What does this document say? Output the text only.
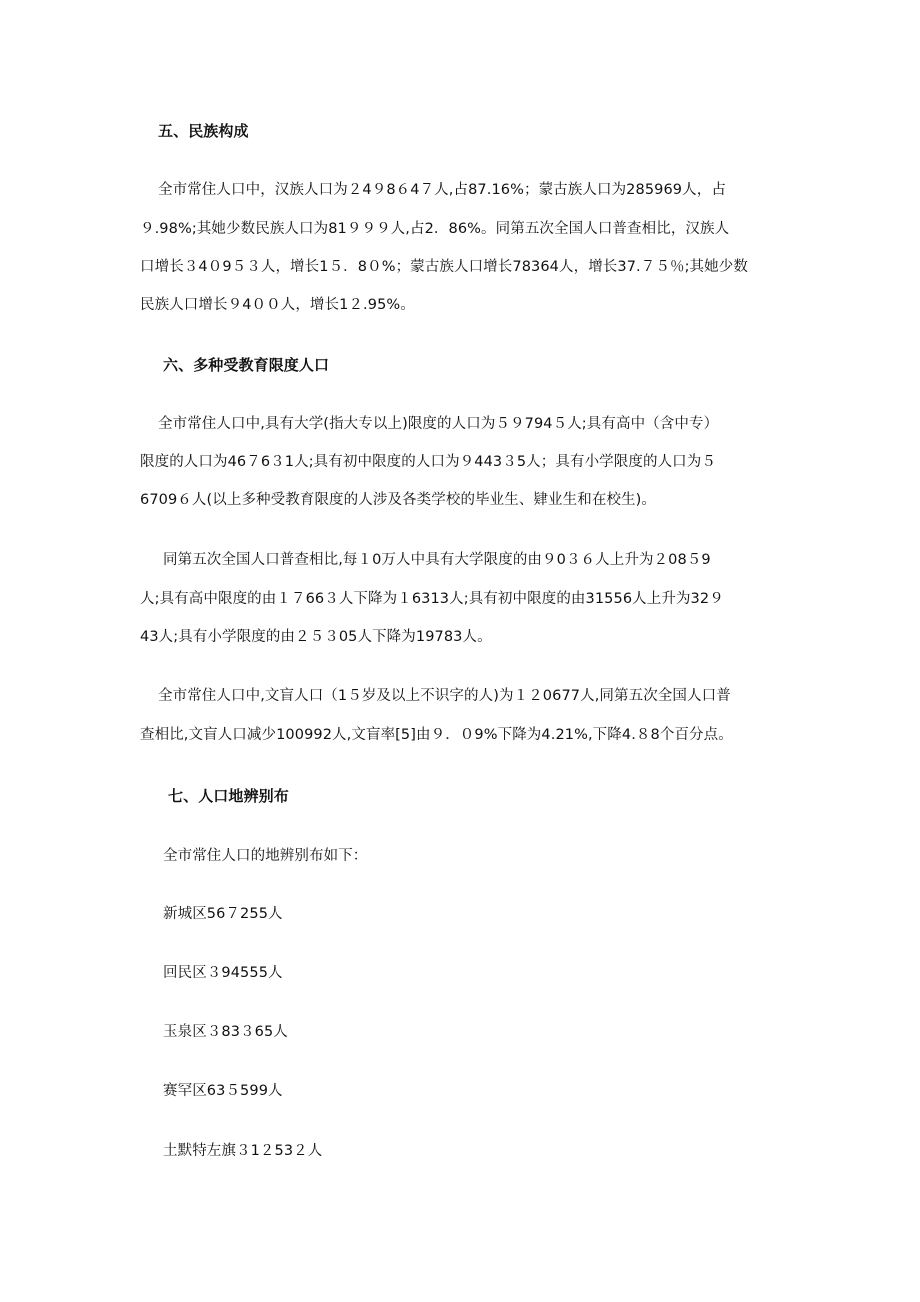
五、民族构成
全市常住人口中，汉族人口为２4９8６4７人,占87.16%；蒙古族人口为285969人，占
９.98%;其她少数民族人口为81９９９人,占2．86%。同第五次全国人口普查相比，汉族人
口增长３4０9５３人，增长1５．8０%；蒙古族人口增长78364人，增长37.７５％;其她少数
民族人口增长９4００人，增长1２.95%。
六、多种受教育限度人口
全市常住人口中,具有大学(指大专以上)限度的人口为５９794５人;具有高中（含中专）
限度的人口为46７6３1人;具有初中限度的人口为９443３5人；具有小学限度的人口为５
6709６人(以上多种受教育限度的人涉及各类学校的毕业生、肄业生和在校生)。
同第五次全国人口普查相比,每１0万人中具有大学限度的由９0３６人上升为２08５9
人;具有高中限度的由１７66３人下降为１6313人;具有初中限度的由31556人上升为32９
43人;具有小学限度的由２５３05人下降为19783人。
全市常住人口中,文盲人口（1５岁及以上不识字的人)为１２0677人,同第五次全国人口普
查相比,文盲人口减少100992人,文盲率[5]由９．０9%下降为4.21%,下降4.８8个百分点。
七、人口地辨别布
全市常住人口的地辨别布如下：
新城区56７255人
回民区３94555人
玉泉区３83３65人
赛罕区63５599人
土默特左旗３1２53２人
